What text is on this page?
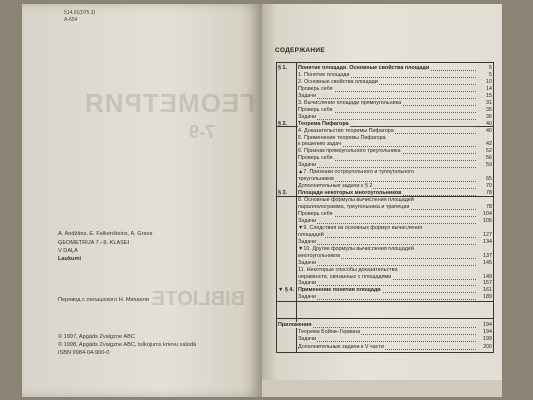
ГЕОМЕТРИЯ
7-9
BIBLIOTE
514.01(075.3)
А-654
A. Andžāns, E. Falkenšteins, A. Grava
ĢEOMETRIJA 7.–9. KLASEI
V DAĻA
Laukumi
Перевод с латышского Н. Михаели
© 1997, Apgāds Zvaigzne ABC
© 1998, Apgāds Zvaigzne ABC, tulkojums krievu valodā
ISBN 9984-04-900-0
СОДЕРЖАНИЕ
§ 1.	Понятие площади. Основные свойства площади	5
1. Понятие площади	5
2. Основные свойства площади	10
Проверь себя	14
Задачи	15
3. Вычисление площади прямоугольника	31
Проверь себя	35
Задачи	36
§ 2.	Теорема Пифагора	40
4. Доказательство теоремы Пифагора	40
5. Применение теоремы Пифагора
к решению задач	42
6. Признак прямоугольного треугольника	52
Проверь себя	56
Задачи	59
▲7. Признаки остроугольного и тупоугольного
треугольников	65
Дополнительные задачи к § 2	70
§ 3.	Площади некоторых многоугольников	78
8. Основные формулы вычисления площадей
параллелограмма, треугольника и трапеции	78
Проверь себя	104
Задачи	105
▼9. Следствия из основных формул вычисления
площадей	127
Задачи	134
▼10. Другие формулы вычисления площадей
многоугольников	137
Задачи	145
11. Некоторые способы доказательства
неравенств, связанных с площадями	149
Задачи	157
▼ § 4. Применение понятия площади	161
Задачи	189
Приложения	194
Теорема Бойяи–Гервина	194
Задачи	199
Дополнительные задачи к V части	200
